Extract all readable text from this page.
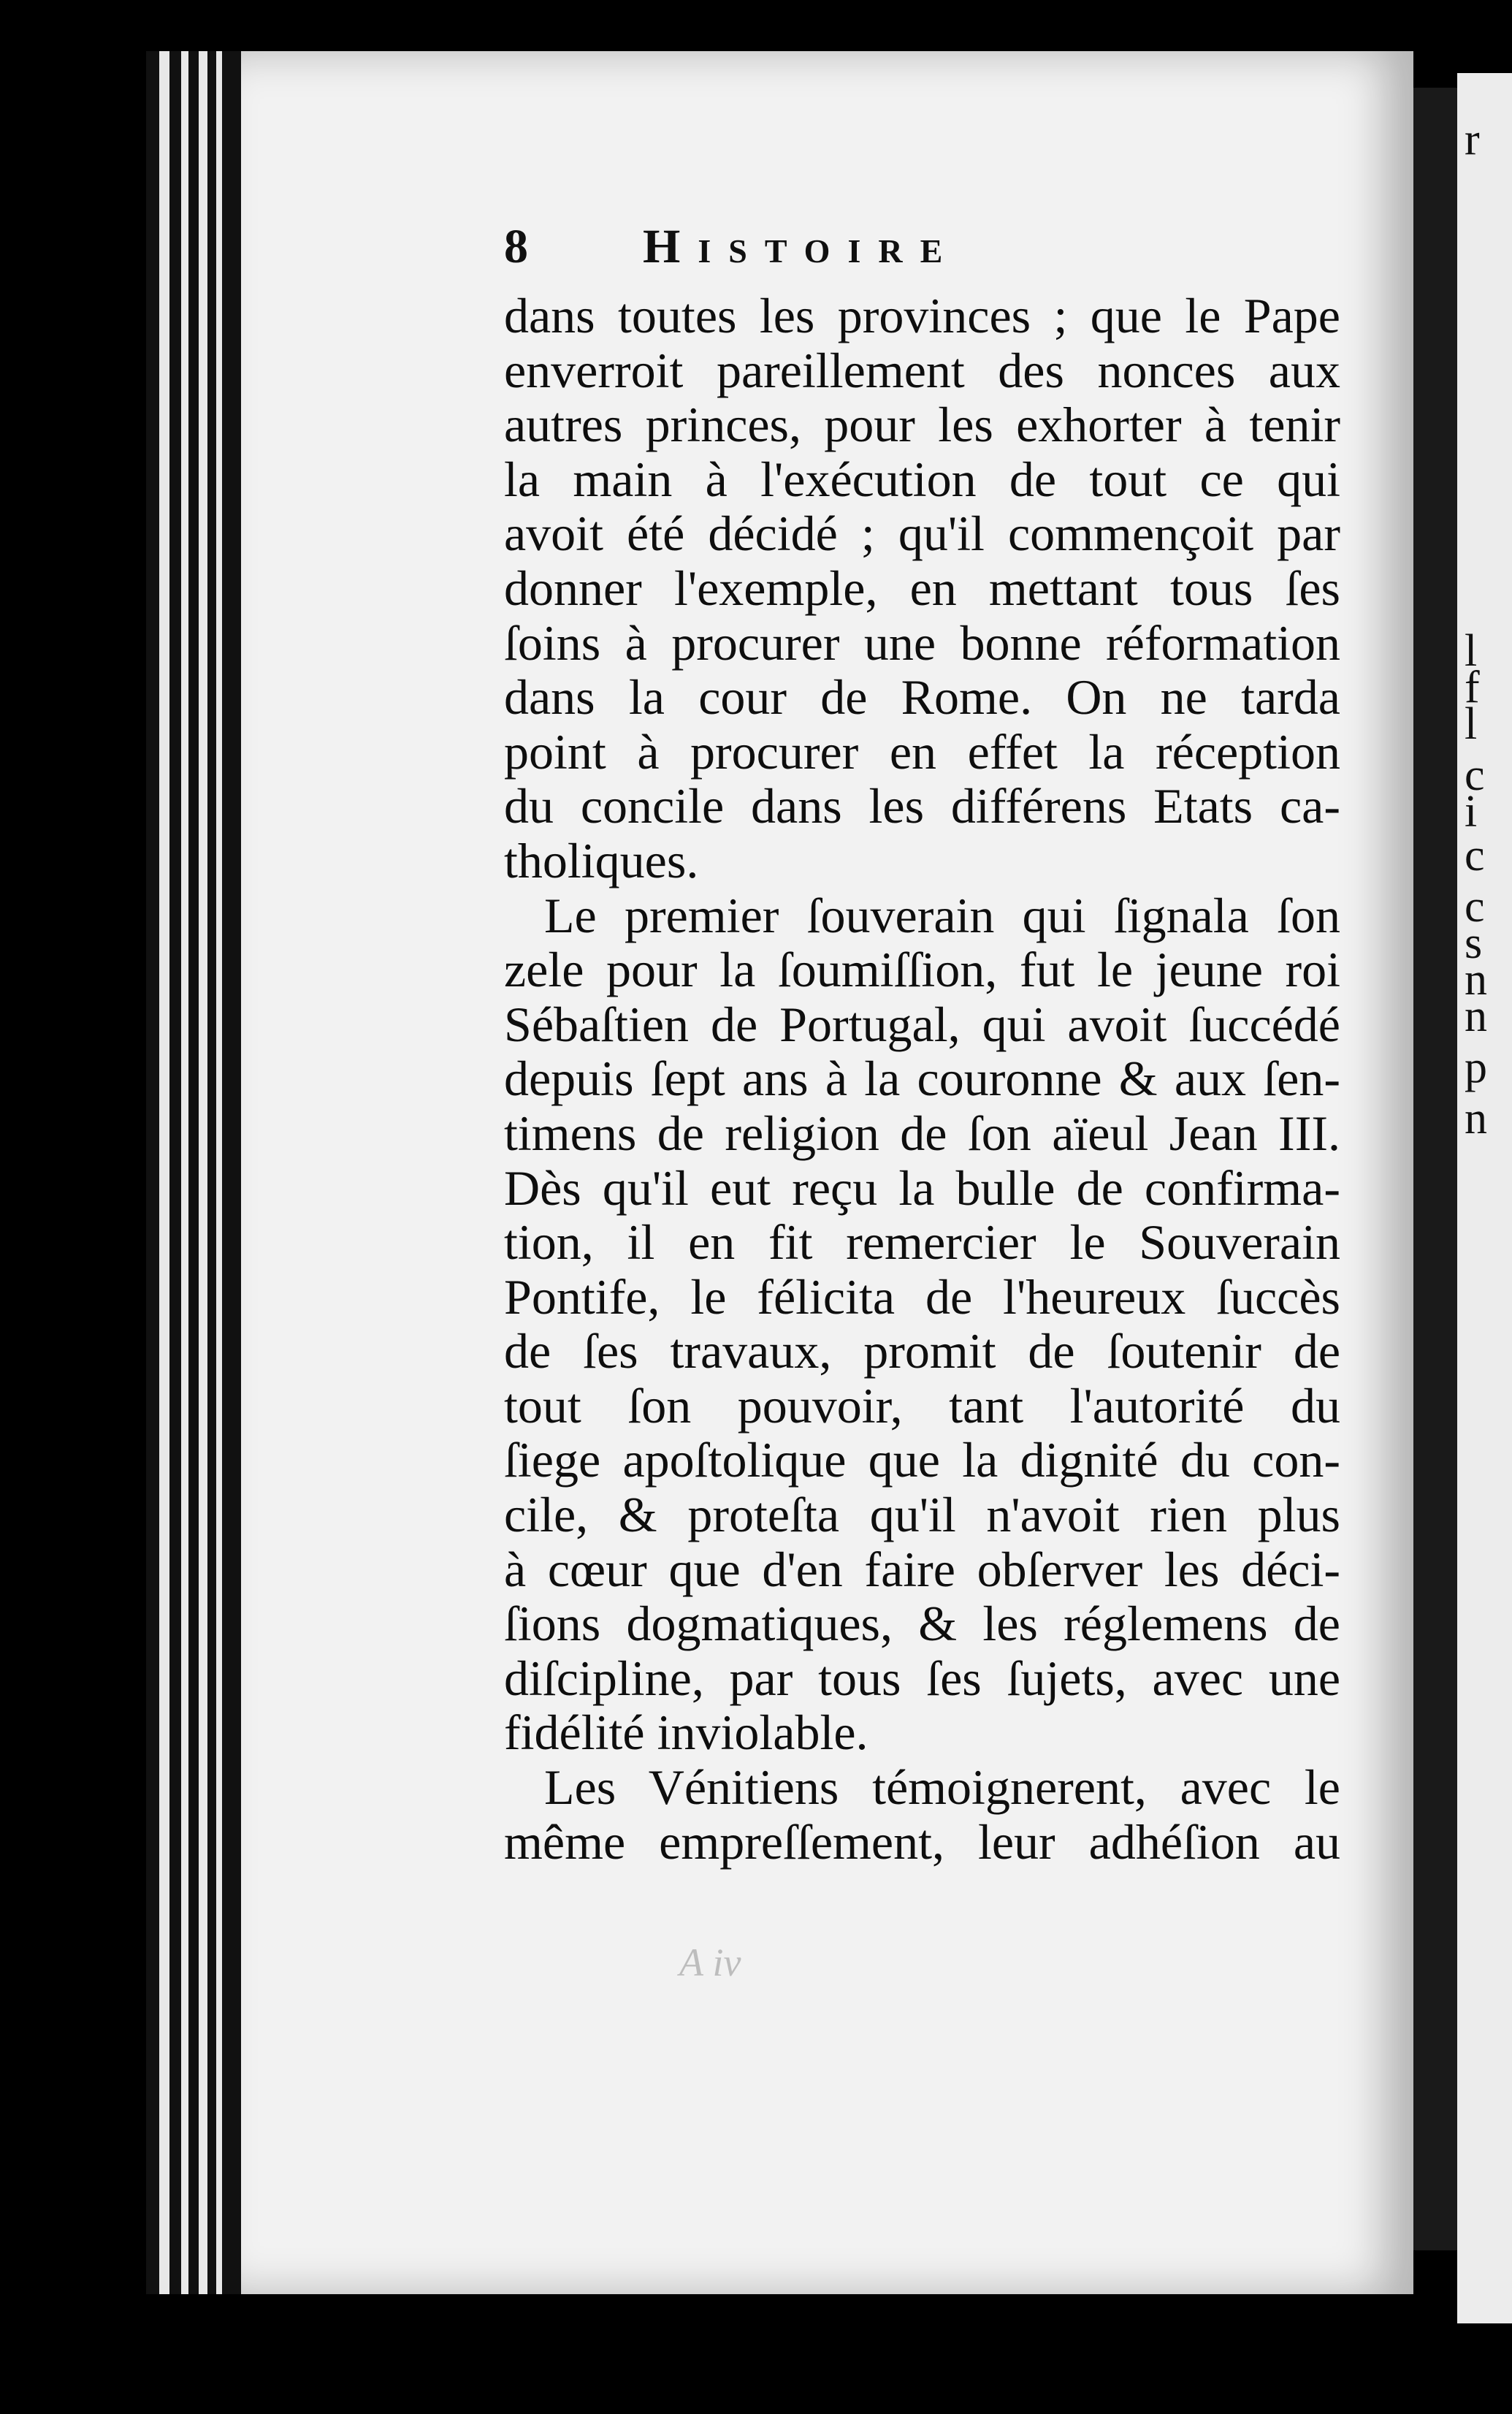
r
l
f
l
c
i
c
c
s
n
n
p
n
8 Histoire
dans toutes les provinces ; que le Pape
enverroit pareillement des nonces aux
autres princes, pour les exhorter à tenir
la main à l'exécution de tout ce qui
avoit été décidé ; qu'il commençoit par
donner l'exemple, en mettant tous ſes
ſoins à procurer une bonne réformation
dans la cour de Rome. On ne tarda
point à procurer en effet la réception
du concile dans les différens Etats ca-
tholiques.
Le premier ſouverain qui ſignala ſon
zele pour la ſoumiſſion, fut le jeune roi
Sébaſtien de Portugal, qui avoit ſuccédé
depuis ſept ans à la couronne & aux ſen-
timens de religion de ſon aïeul Jean III.
Dès qu'il eut reçu la bulle de confirma-
tion, il en fit remercier le Souverain
Pontife, le félicita de l'heureux ſuccès
de ſes travaux, promit de ſoutenir de
tout ſon pouvoir, tant l'autorité du
ſiege apoſtolique que la dignité du con-
cile, & proteſta qu'il n'avoit rien plus
à cœur que d'en faire obſerver les déci-
ſions dogmatiques, & les réglemens de
diſcipline, par tous ſes ſujets, avec une
fidélité inviolable.
Les Vénitiens témoignerent, avec le
même empreſſement, leur adhéſion au
A iv
